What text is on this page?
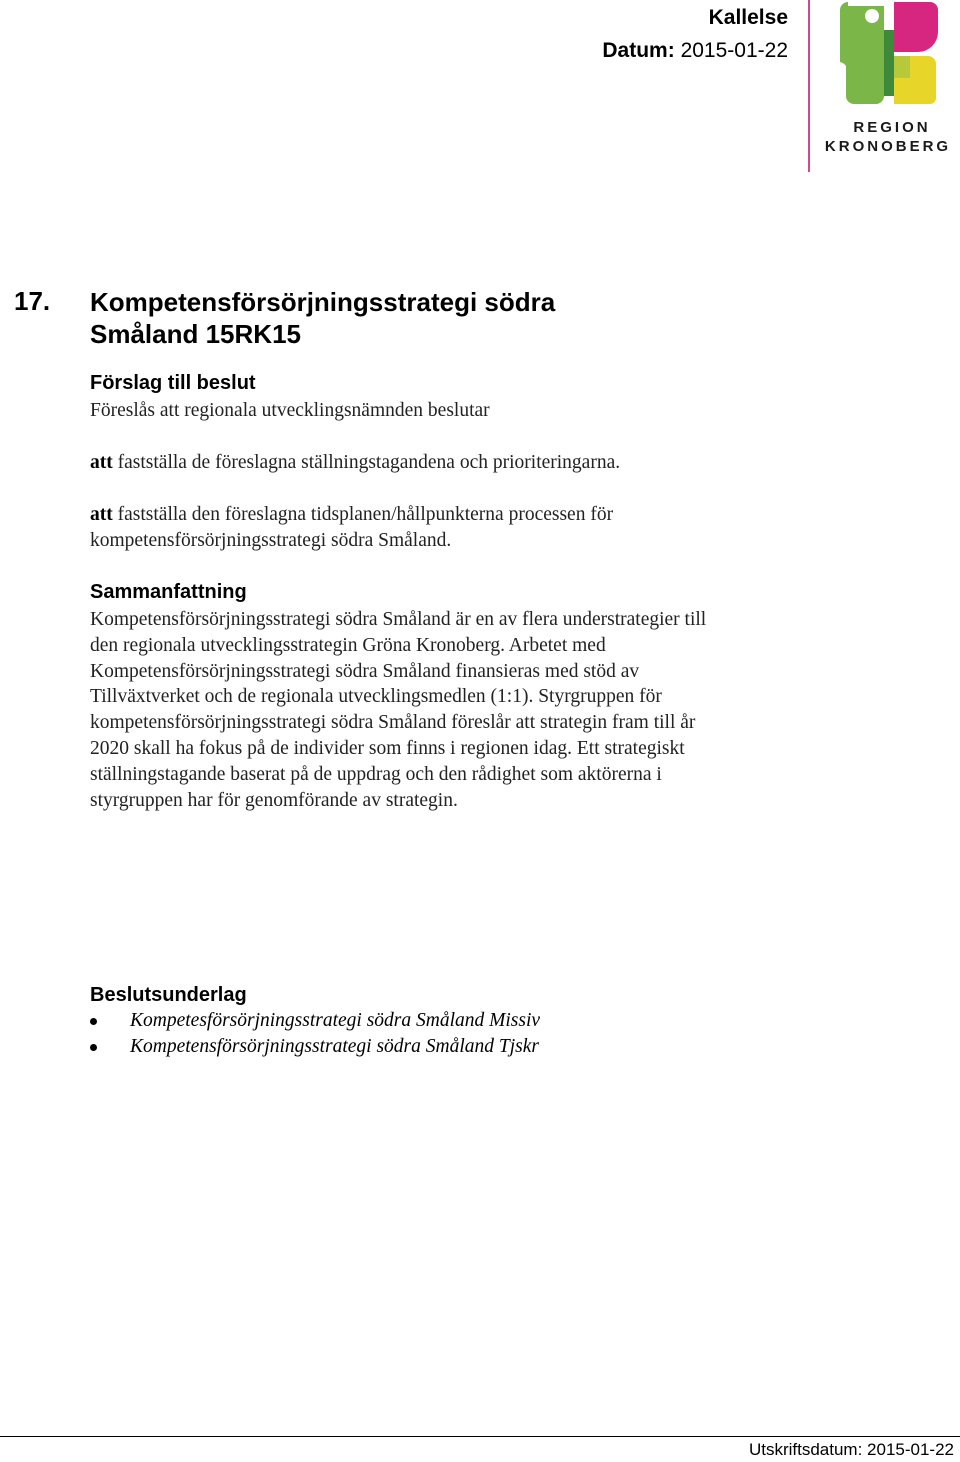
Kallelse
Datum: 2015-01-22
REGION
KRONOBERG
17. Kompetensförsörjningsstrategi södra
Småland 15RK15
Förslag till beslut
Föreslås att regionala utvecklingsnämnden beslutar
att fastställa de föreslagna ställningstagandena och prioriteringarna.
att fastställa den föreslagna tidsplanen/hållpunkterna processen för
kompetensförsörjningsstrategi södra Småland.
Sammanfattning
Kompetensförsörjningsstrategi södra Småland är en av flera understrategier till
den regionala utvecklingsstrategin Gröna Kronoberg. Arbetet med
Kompetensförsörjningsstrategi södra Småland finansieras med stöd av
Tillväxtverket och de regionala utvecklingsmedlen (1:1). Styrgruppen för
kompetensförsörjningsstrategi södra Småland föreslår att strategin fram till år
2020 skall ha fokus på de individer som finns i regionen idag. Ett strategiskt
ställningstagande baserat på de uppdrag och den rådighet som aktörerna i
styrgruppen har för genomförande av strategin.
Beslutsunderlag
Kompetesförsörjningsstrategi södra Småland Missiv
Kompetensförsörjningsstrategi södra Småland Tjskr
Utskriftsdatum: 2015-01-22
